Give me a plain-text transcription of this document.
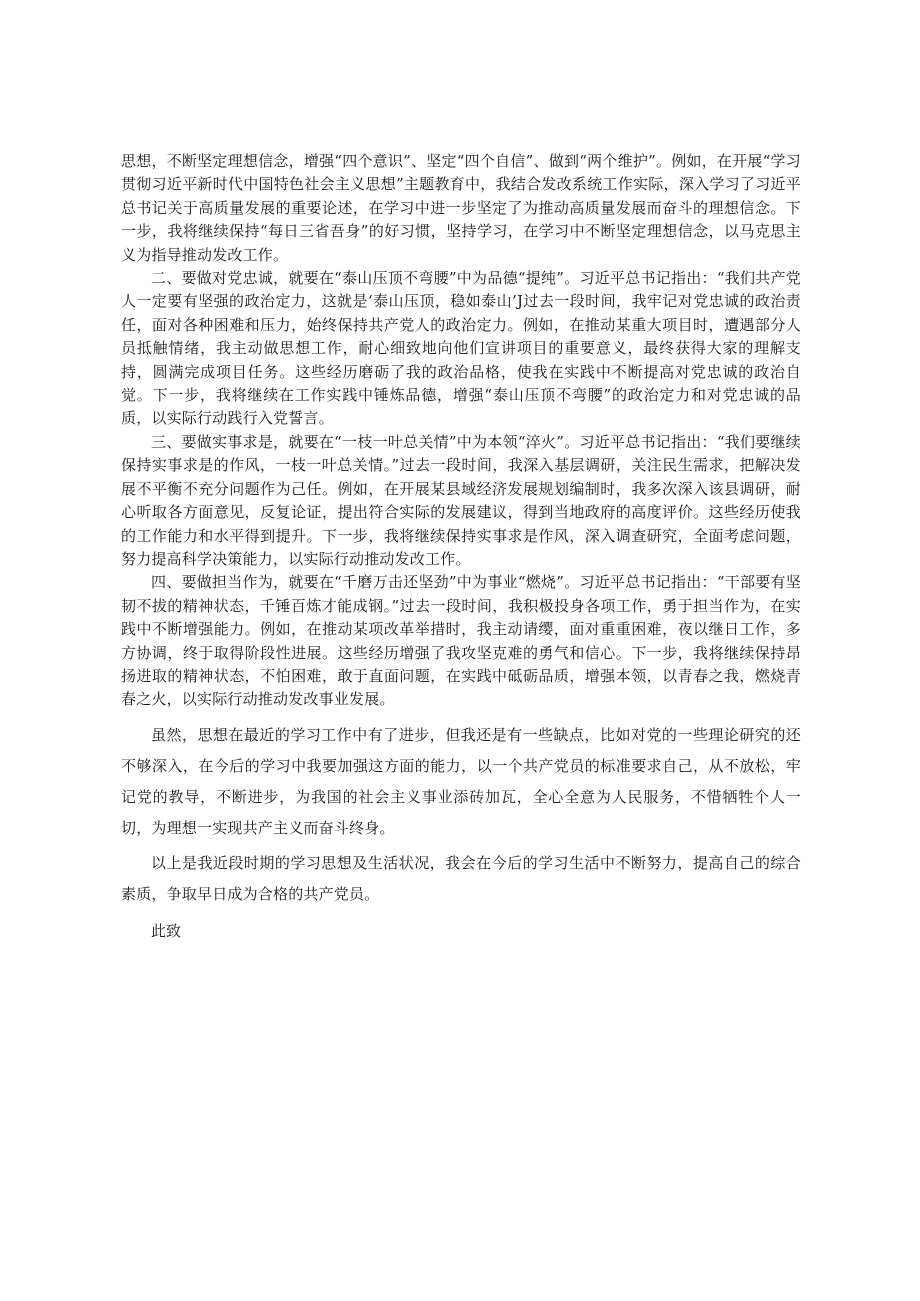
思想，不断坚定理想信念，增强“四个意识”、坚定“四个自信”、做到“两个维护”。例如，在开展“学习贯彻习近平新时代中国特色社会主义思想”主题教育中，我结合发改系统工作实际，深入学习了习近平总书记关于高质量发展的重要论述，在学习中进一步坚定了为推动高质量发展而奋斗的理想信念。下一步，我将继续保持“每日三省吾身”的好习惯，坚持学习，在学习中不断坚定理想信念，以马克思主义为指导推动发改工作。

二、要做对党忠诚，就要在“泰山压顶不弯腰”中为品德“提纯”。习近平总书记指出：“我们共产党人一定要有坚强的政治定力，这就是‘泰山压顶，稳如泰山’J过去一段时间，我牢记对党忠诚的政治责任，面对各种困难和压力，始终保持共产党人的政治定力。例如，在推动某重大项目时，遭遇部分人员抵触情绪，我主动做思想工作，耐心细致地向他们宣讲项目的重要意义，最终获得大家的理解支持，圆满完成项目任务。这些经历磨砺了我的政治品格，使我在实践中不断提高对党忠诚的政治自觉。下一步，我将继续在工作实践中锤炼品德，增强“泰山压顶不弯腰”的政治定力和对党忠诚的品质，以实际行动践行入党誓言。

三、要做实事求是，就要在“一枝一叶总关情”中为本领“淬火”。习近平总书记指出：“我们要继续保持实事求是的作风，一枝一叶总关情。”过去一段时间，我深入基层调研，关注民生需求，把解决发展不平衡不充分问题作为己任。例如，在开展某县域经济发展规划编制时，我多次深入该县调研，耐心听取各方面意见，反复论证，提出符合实际的发展建议，得到当地政府的高度评价。这些经历使我的工作能力和水平得到提升。下一步，我将继续保持实事求是作风，深入调查研究，全面考虑问题，努力提高科学决策能力，以实际行动推动发改工作。

四、要做担当作为，就要在“千磨万击还坚劲”中为事业“燃烧”。习近平总书记指出：“干部要有坚韧不拔的精神状态，千锤百炼才能成钢。”过去一段时间，我积极投身各项工作，勇于担当作为，在实践中不断增强能力。例如，在推动某项改革举措时，我主动请缨，面对重重困难，夜以继日工作，多方协调，终于取得阶段性进展。这些经历增强了我攻坚克难的勇气和信心。下一步，我将继续保持昂扬进取的精神状态，不怕困难，敢于直面问题，在实践中砥砺品质，增强本领，以青春之我，燃烧青春之火，以实际行动推动发改事业发展。

虽然，思想在最近的学习工作中有了进步，但我还是有一些缺点，比如对党的一些理论研究的还不够深入，在今后的学习中我要加强这方面的能力，以一个共产党员的标准要求自己，从不放松，牢记党的教导，不断进步，为我国的社会主义事业添砖加瓦，全心全意为人民服务，不惜牺牲个人一切，为理想一实现共产主义而奋斗终身。

以上是我近段时期的学习思想及生活状况，我会在今后的学习生活中不断努力，提高自己的综合素质，争取早日成为合格的共产党员。

此致
